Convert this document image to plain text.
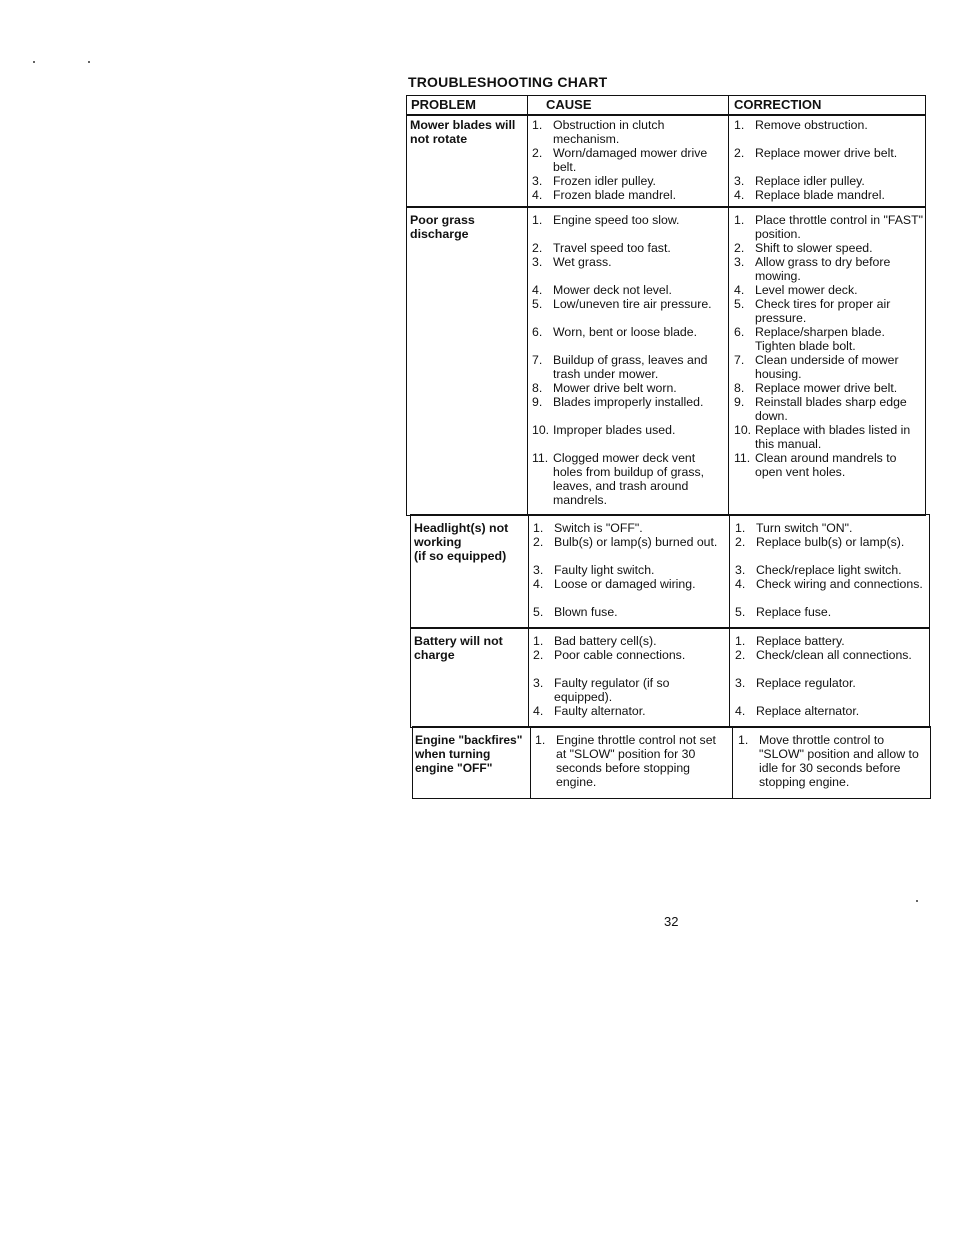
TROUBLESHOOTING CHART
PROBLEM	CAUSE	CORRECTION
Mower blades will
not rotate
1. Obstruction in clutch mechanism.
2. Worn/damaged mower drive belt.
3. Frozen idler pulley.
4. Frozen blade mandrel.
1. Remove obstruction.
2. Replace mower drive belt.
3. Replace idler pulley.
4. Replace blade mandrel.
Poor grass
discharge
1. Engine speed too slow.
2. Travel speed too fast.
3. Wet grass.
4. Mower deck not level.
5. Low/uneven tire air pressure.
6. Worn, bent or loose blade.
7. Buildup of grass, leaves and trash under mower.
8. Mower drive belt worn.
9. Blades improperly installed.
10. Improper blades used.
11. Clogged mower deck vent holes from buildup of grass, leaves, and trash around mandrels.
1. Place throttle control in "FAST" position.
2. Shift to slower speed.
3. Allow grass to dry before mowing.
4. Level mower deck.
5. Check tires for proper air pressure.
6. Replace/sharpen blade. Tighten blade bolt.
7. Clean underside of mower housing.
8. Replace mower drive belt.
9. Reinstall blades sharp edge down.
10. Replace with blades listed in this manual.
11. Clean around mandrels to open vent holes.
Headlight(s) not
working
(if so equipped)
1. Switch is "OFF".
2. Bulb(s) or lamp(s) burned out.
3. Faulty light switch.
4. Loose or damaged wiring.
5. Blown fuse.
1. Turn switch "ON".
2. Replace bulb(s) or lamp(s).
3. Check/replace light switch.
4. Check wiring and connections.
5. Replace fuse.
Battery will not
charge
1. Bad battery cell(s).
2. Poor cable connections.
3. Faulty regulator (if so equipped).
4. Faulty alternator.
1. Replace battery.
2. Check/clean all connections.
3. Replace regulator.
4. Replace alternator.
Engine "backfires"
when turning
engine "OFF"
1. Engine throttle control not set at "SLOW" position for 30 seconds before stopping engine.
1. Move throttle control to "SLOW" position and allow to idle for 30 seconds before stopping engine.
32
